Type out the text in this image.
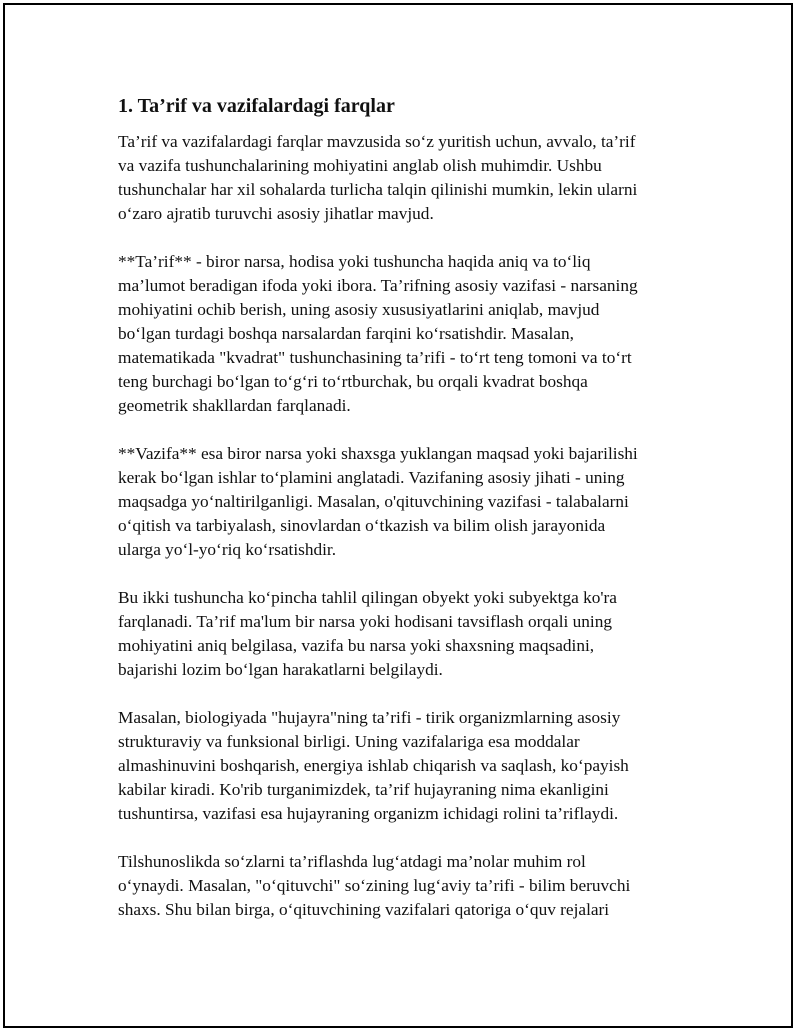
1. Ta’rif va vazifalardagi farqlar
Ta’rif va vazifalardagi farqlar mavzusida so‘z yuritish uchun, avvalo, ta’rif
va vazifa tushunchalarining mohiyatini anglab olish muhimdir. Ushbu
tushunchalar har xil sohalarda turlicha talqin qilinishi mumkin, lekin ularni
o‘zaro ajratib turuvchi asosiy jihatlar mavjud.
**Ta’rif** - biror narsa, hodisa yoki tushuncha haqida aniq va to‘liq
ma’lumot beradigan ifoda yoki ibora. Ta’rifning asosiy vazifasi - narsaning
mohiyatini ochib berish, uning asosiy xususiyatlarini aniqlab, mavjud
bo‘lgan turdagi boshqa narsalardan farqini ko‘rsatishdir. Masalan,
matematikada "kvadrat" tushunchasining ta’rifi - to‘rt teng tomoni va to‘rt
teng burchagi bo‘lgan to‘g‘ri to‘rtburchak, bu orqali kvadrat boshqa
geometrik shakllardan farqlanadi.
**Vazifa** esa biror narsa yoki shaxsga yuklangan maqsad yoki bajarilishi
kerak bo‘lgan ishlar to‘plamini anglatadi. Vazifaning asosiy jihati - uning
maqsadga yo‘naltirilganligi. Masalan, o'qituvchining vazifasi - talabalarni
o‘qitish va tarbiyalash, sinovlardan o‘tkazish va bilim olish jarayonida
ularga yo‘l-yo‘riq ko‘rsatishdir.
Bu ikki tushuncha ko‘pincha tahlil qilingan obyekt yoki subyektga ko'ra
farqlanadi. Ta’rif ma'lum bir narsa yoki hodisani tavsiflash orqali uning
mohiyatini aniq belgilasa, vazifa bu narsa yoki shaxsning maqsadini,
bajarishi lozim bo‘lgan harakatlarni belgilaydi.
Masalan, biologiyada "hujayra"ning ta’rifi - tirik organizmlarning asosiy
strukturaviy va funksional birligi. Uning vazifalariga esa moddalar
almashinuvini boshqarish, energiya ishlab chiqarish va saqlash, ko‘payish
kabilar kiradi. Ko'rib turganimizdek, ta’rif hujayraning nima ekanligini
tushuntirsa, vazifasi esa hujayraning organizm ichidagi rolini ta’riflaydi.
Tilshunoslikda so‘zlarni ta’riflashda lug‘atdagi ma’nolar muhim rol
o‘ynaydi. Masalan, "o‘qituvchi" so‘zining lug‘aviy ta’rifi - bilim beruvchi
shaxs. Shu bilan birga, o‘qituvchining vazifalari qatoriga o‘quv rejalari
